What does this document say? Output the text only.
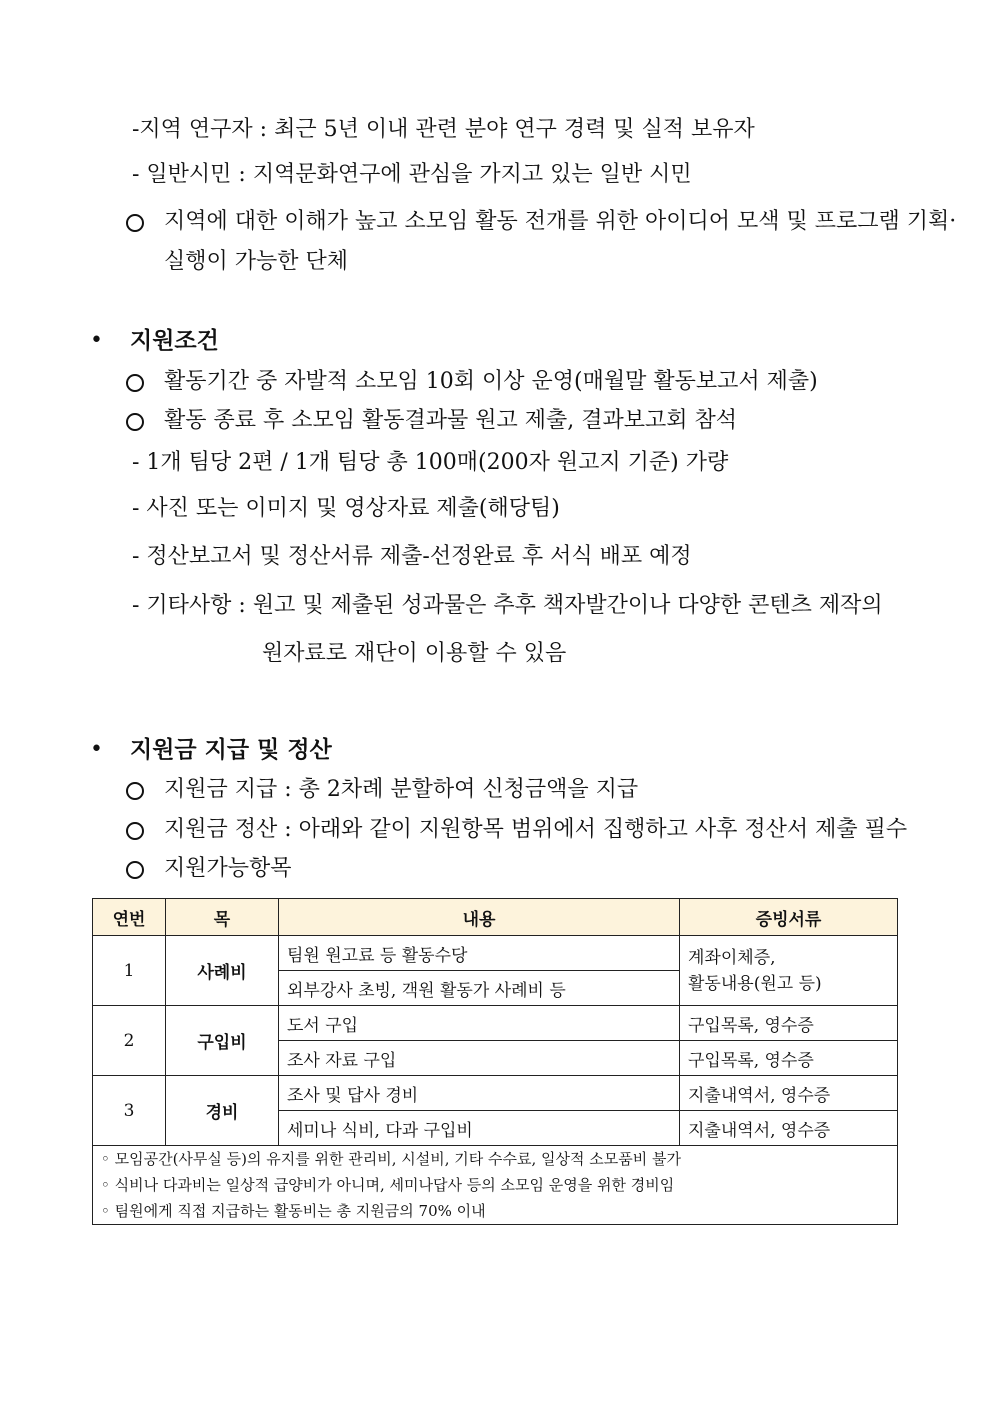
-지역 연구자 : 최근 5년 이내 관련 분야 연구 경력 및 실적 보유자
- 일반시민 : 지역문화연구에 관심을 가지고 있는 일반 시민
지역에 대한 이해가 높고 소모임 활동 전개를 위한 아이디어 모색 및 프로그램 기획·
실행이 가능한 단체
• 지원조건
활동기간 중 자발적 소모임 10회 이상 운영(매월말 활동보고서 제출)
활동 종료 후 소모임 활동결과물 원고 제출, 결과보고회 참석
- 1개 팀당 2편 / 1개 팀당 총 100매(200자 원고지 기준) 가량
- 사진 또는 이미지 및 영상자료 제출(해당팀)
- 정산보고서 및 정산서류 제출-선정완료 후 서식 배포 예정
- 기타사항 : 원고 및 제출된 성과물은 추후 책자발간이나 다양한 콘텐츠 제작의
원자료로 재단이 이용할 수 있음
• 지원금 지급 및 정산
지원금 지급 : 총 2차례 분할하여 신청금액을 지급
지원금 정산 : 아래와 같이 지원항목 범위에서 집행하고 사후 정산서 제출 필수
지원가능항목
연번	목	내용	증빙서류
1	사례비	팀원 원고료 등 활동수당	계좌이체증,
활동내용(원고 등)

		외부강사 초빙, 객원 활동가 사례비 등	
2	구입비	도서 구입	구입목록, 영수증
		조사 자료 구입	구입목록, 영수증
3	경비	조사 및 답사 경비	지출내역서, 영수증
		세미나 식비, 다과 구입비	지출내역서, 영수증

◦ 모임공간(사무실 등)의 유지를 위한 관리비, 시설비, 기타 수수료, 일상적 소모품비 불가
◦ 식비나 다과비는 일상적 급양비가 아니며, 세미나답사 등의 소모임 운영을 위한 경비임
◦ 팀원에게 직접 지급하는 활동비는 총 지원금의 70% 이내			
